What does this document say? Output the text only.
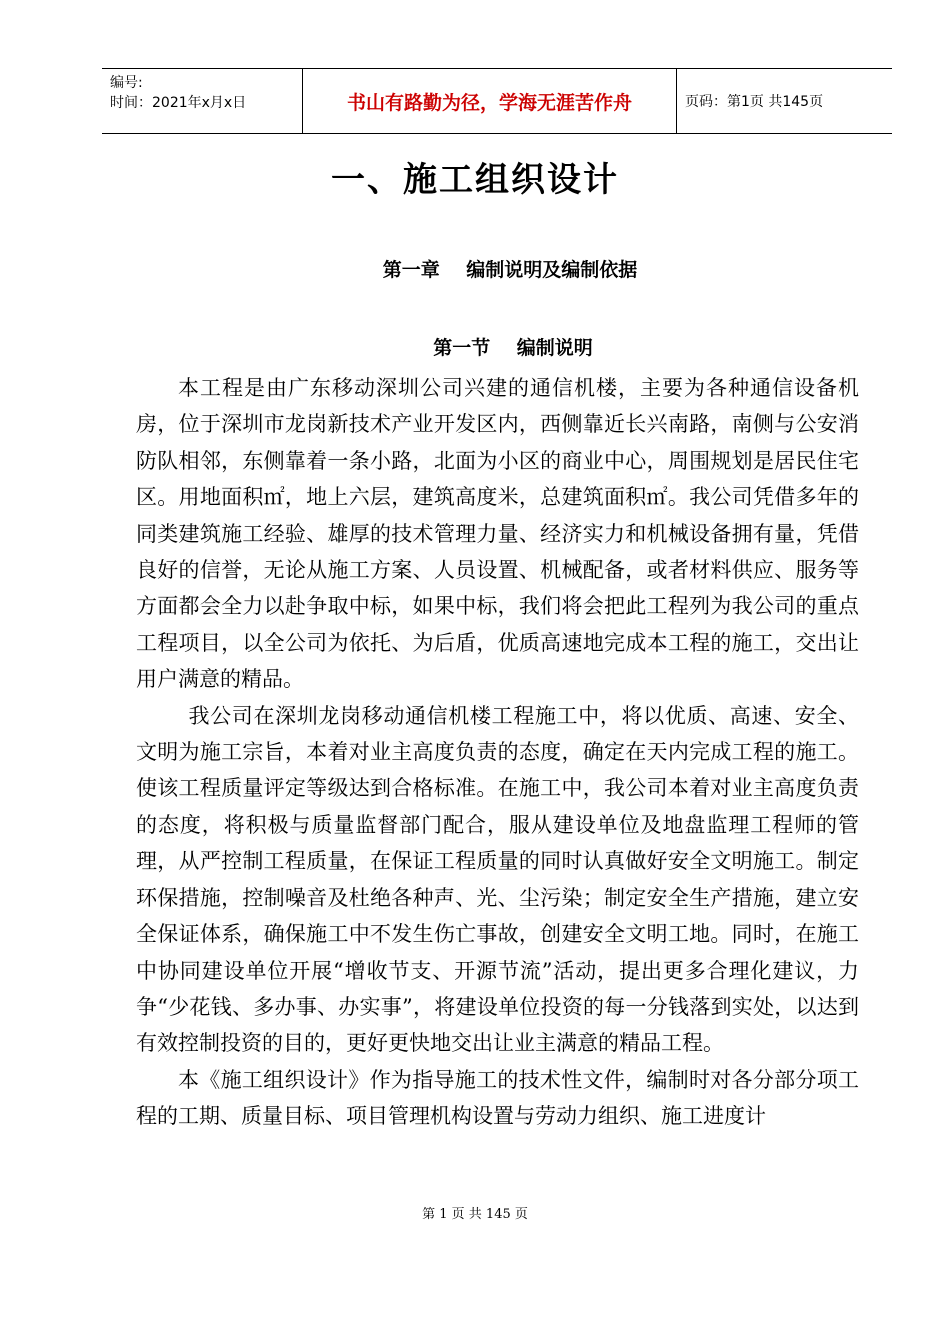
编号:
时间：2021年x月x日	书山有路勤为径，学海无涯苦作舟	页码：第1页 共145页
一、施工组织设计
第一章    编制说明及编制依据
第一节    编制说明

本工程是由广东移动深圳公司兴建的通信机楼，主要为各种通信设备机房，位于深圳市龙岗新技术产业开发区内，西侧靠近长兴南路，南侧与公安消防队相邻，东侧靠着一条小路，北面为小区的商业中心，周围规划是居民住宅区。用地面积㎡，地上六层，建筑高度米，总建筑面积㎡。我公司凭借多年的同类建筑施工经验、雄厚的技术管理力量、经济实力和机械设备拥有量，凭借良好的信誉，无论从施工方案、人员设置、机械配备，或者材料供应、服务等方面都会全力以赴争取中标，如果中标，我们将会把此工程列为我公司的重点工程项目，以全公司为依托、为后盾，优质高速地完成本工程的施工，交出让用户满意的精品。

我公司在深圳龙岗移动通信机楼工程施工中，将以优质、高速、安全、文明为施工宗旨，本着对业主高度负责的态度，确定在天内完成工程的施工。使该工程质量评定等级达到合格标准。在施工中，我公司本着对业主高度负责的态度，将积极与质量监督部门配合，服从建设单位及地盘监理工程师的管理，从严控制工程质量，在保证工程质量的同时认真做好安全文明施工。制定环保措施，控制噪音及杜绝各种声、光、尘污染；制定安全生产措施，建立安全保证体系，确保施工中不发生伤亡事故，创建安全文明工地。同时，在施工中协同建设单位开展“增收节支、开源节流”活动，提出更多合理化建议，力争“少花钱、多办事、办实事”，将建设单位投资的每一分钱落到实处，以达到有效控制投资的目的，更好更快地交出让业主满意的精品工程。

本《施工组织设计》作为指导施工的技术性文件，编制时对各分部分项工程的工期、质量目标、项目管理机构设置与劳动力组织、施工进度计

第 1 页 共 145 页
